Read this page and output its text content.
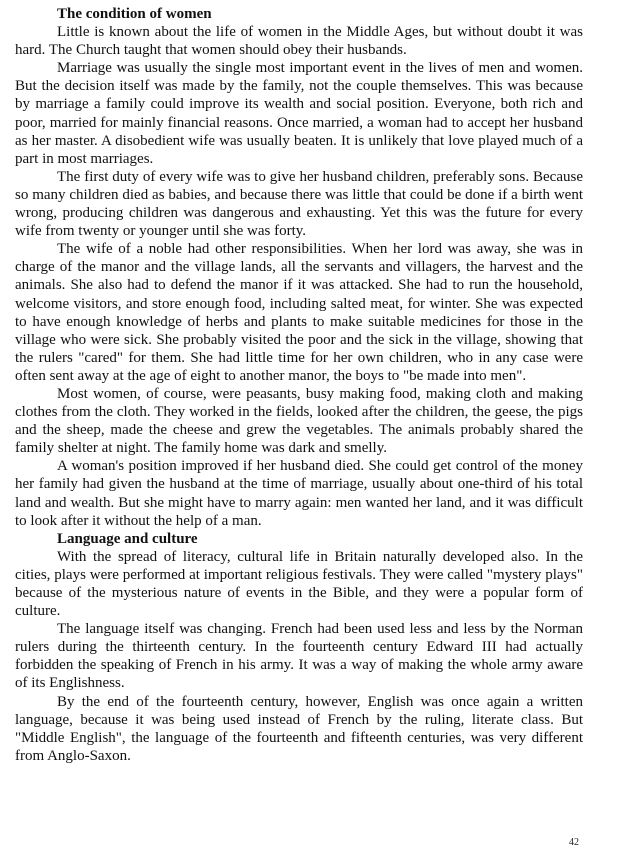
The condition of women

Little is known about the life of women in the Middle Ages, but without doubt it was hard. The Church taught that women should obey their husbands.

Marriage was usually the single most important event in the lives of men and women. But the decision itself was made by the family, not the couple themselves. This was because by marriage a family could improve its wealth and social position. Everyone, both rich and poor, married for mainly financial reasons. Once married, a woman had to accept her husband as her master. A disobedient wife was usually beaten. It is unlikely that love played much of a part in most marriages.

The first duty of every wife was to give her husband children, preferably sons. Because so many children died as babies, and because there was little that could be done if a birth went wrong, producing children was dangerous and exhausting. Yet this was the future for every wife from twenty or younger until she was forty.

The wife of a noble had other responsibilities. When her lord was away, she was in charge of the manor and the village lands, all the servants and villagers, the harvest and the animals. She also had to defend the manor if it was attacked. She had to run the household, welcome visitors, and store enough food, including salted meat, for winter. She was expected to have enough knowledge of herbs and plants to make suitable medicines for those in the village who were sick. She probably visited the poor and the sick in the village, showing that the rulers "cared" for them. She had little time for her own children, who in any case were often sent away at the age of eight to another manor, the boys to "be made into men".

Most women, of course, were peasants, busy making food, making cloth and making clothes from the cloth. They worked in the fields, looked after the children, the geese, the pigs and the sheep, made the cheese and grew the vegetables. The animals probably shared the family shelter at night. The family home was dark and smelly.

A woman's position improved if her husband died. She could get control of the money her family had given the husband at the time of marriage, usually about one-third of his total land and wealth. But she might have to marry again: men wanted her land, and it was difficult to look after it without the help of a man.

Language and culture

With the spread of literacy, cultural life in Britain naturally developed also. In the cities, plays were performed at important religious festivals. They were called "mystery plays" because of the mysterious nature of events in the Bible, and they were a popular form of culture.

The language itself was changing. French had been used less and less by the Norman rulers during the thirteenth century. In the fourteenth century Edward III had actually forbidden the speaking of French in his army. It was a way of making the whole army aware of its Englishness.

By the end of the fourteenth century, however, English was once again a written language, because it was being used instead of French by the ruling, literate class. But "Middle English", the language of the fourteenth and fifteenth centuries, was very different from Anglo-Saxon.

42
